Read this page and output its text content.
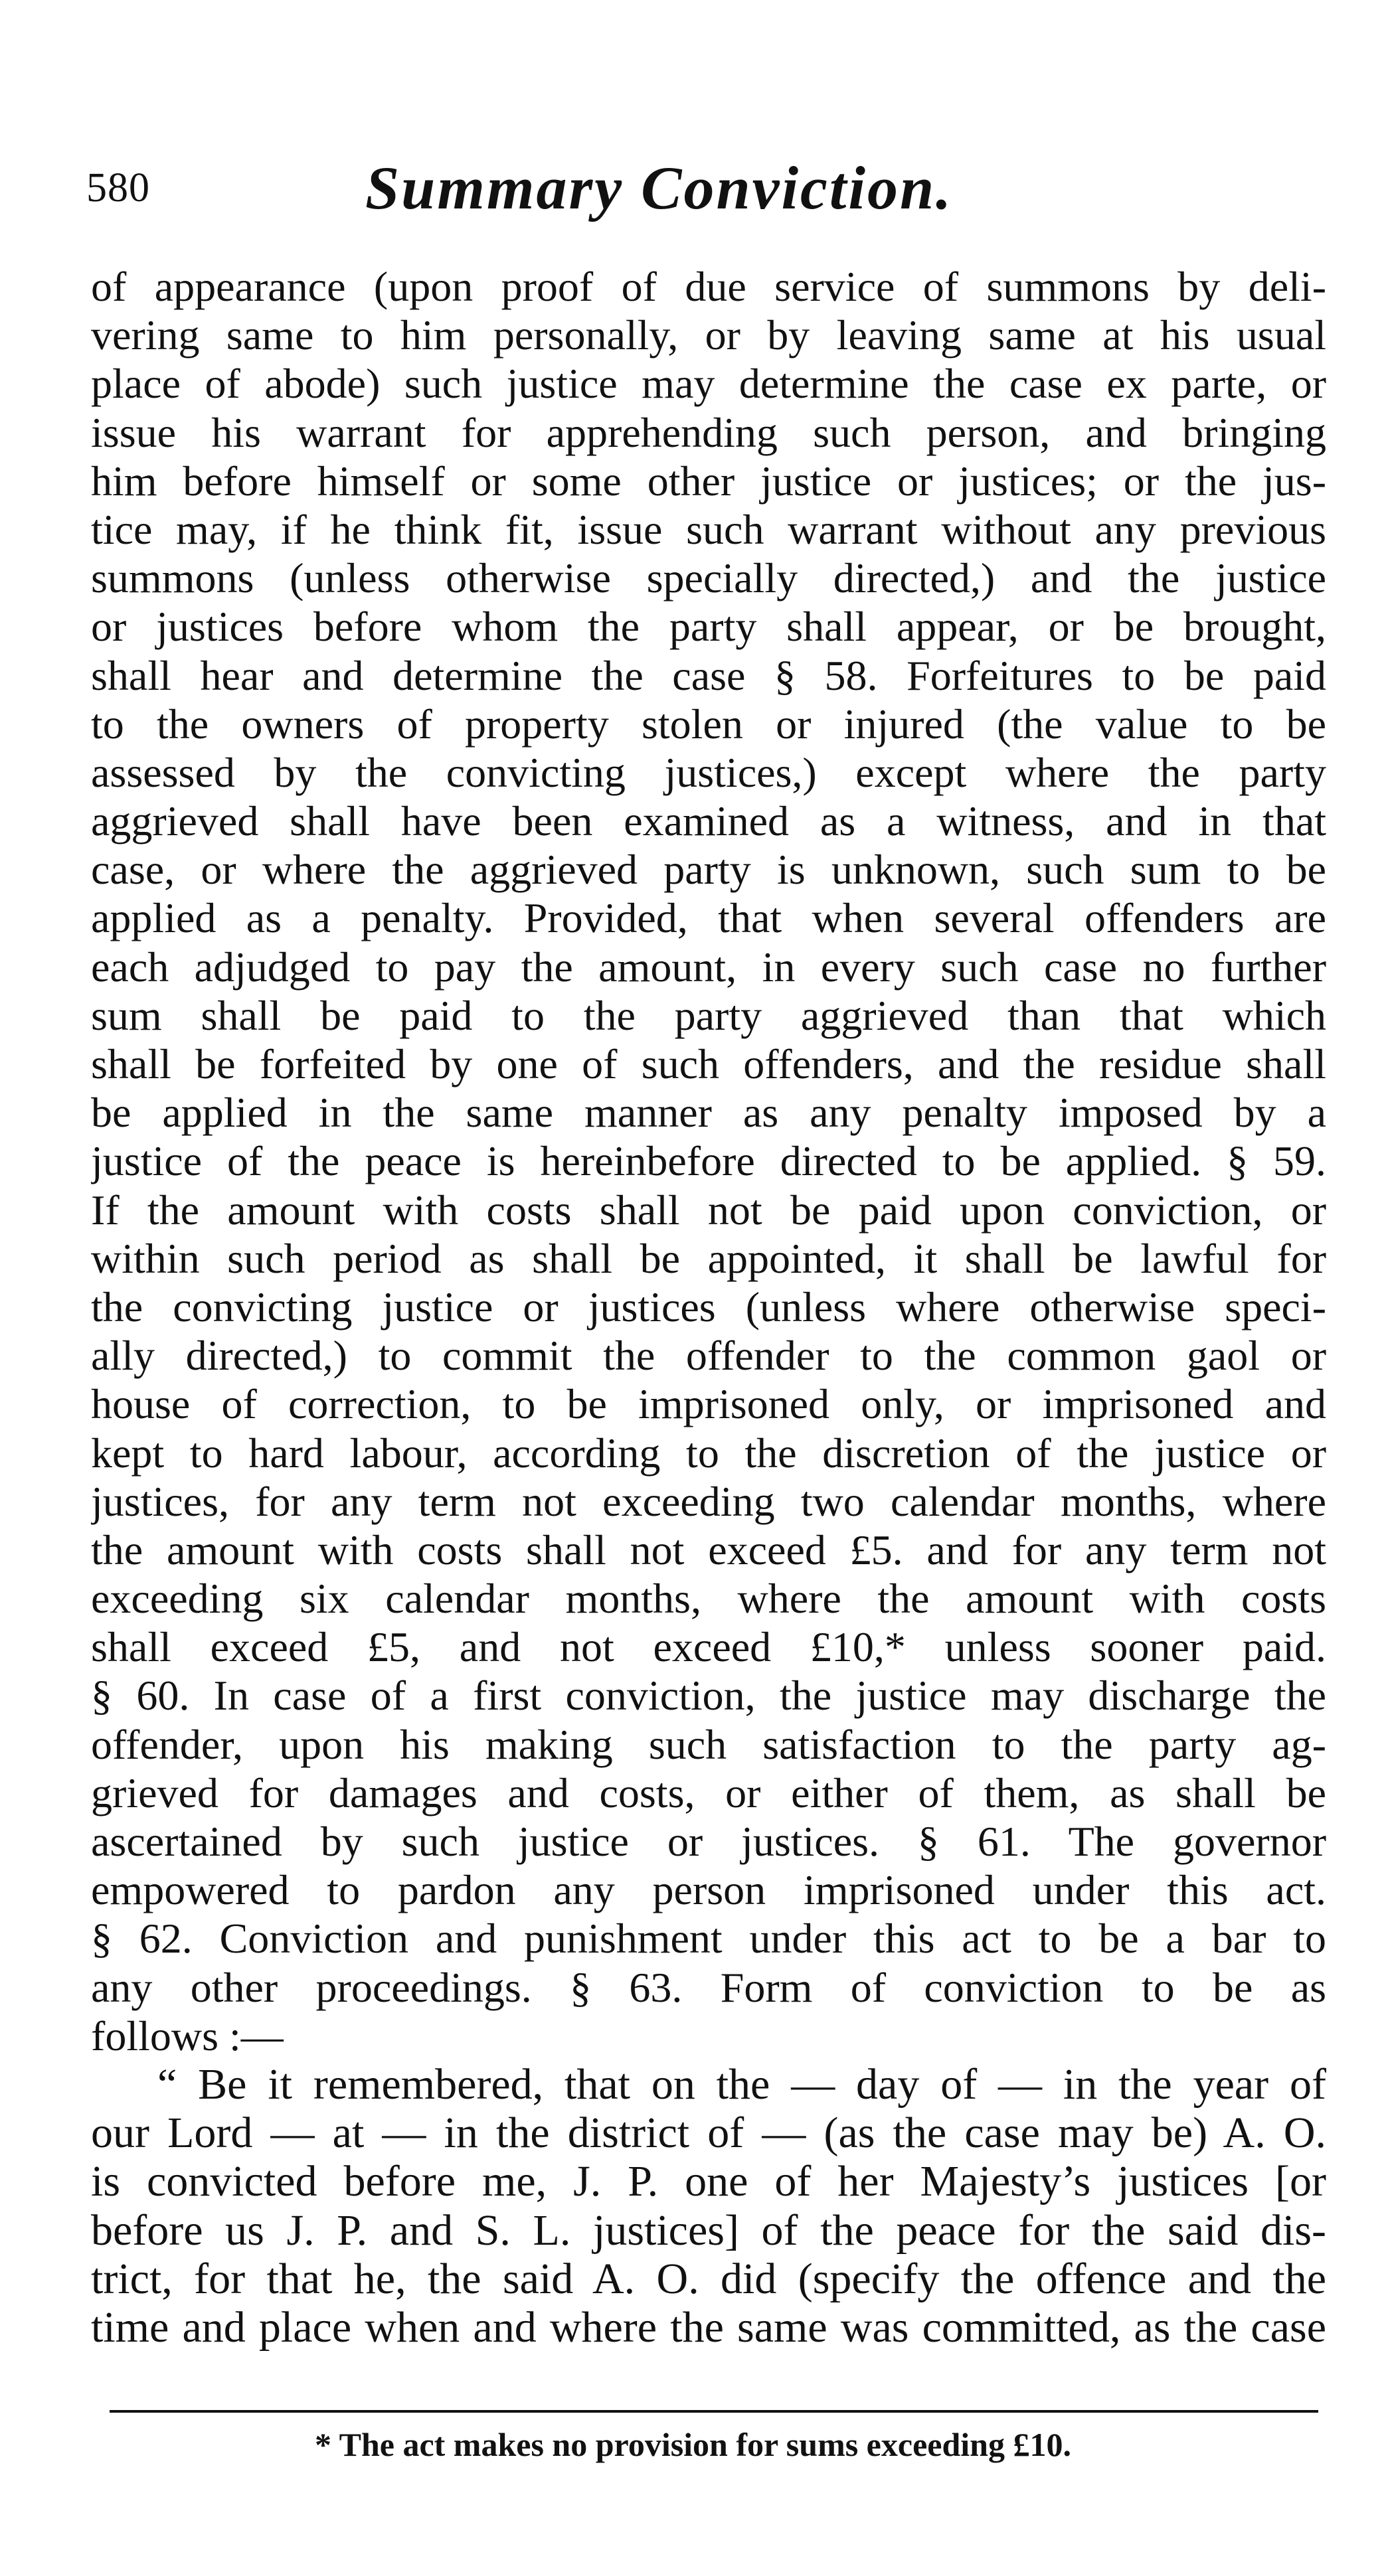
580	Summary Conviction.
of appearance (upon proof of due service of summons by deli-
vering same to him personally, or by leaving same at his usual
place of abode) such justice may determine the case ex parte, or
issue his warrant for apprehending such person, and bringing
him before himself or some other justice or justices; or the jus-
tice may, if he think fit, issue such warrant without any previous
summons (unless otherwise specially directed,) and the justice
or justices before whom the party shall appear, or be brought,
shall hear and determine the case § 58. Forfeitures to be paid
to the owners of property stolen or injured (the value to be
assessed by the convicting justices,) except where the party
aggrieved shall have been examined as a witness, and in that
case, or where the aggrieved party is unknown, such sum to be
applied as a penalty. Provided, that when several offenders are
each adjudged to pay the amount, in every such case no further
sum shall be paid to the party aggrieved than that which
shall be forfeited by one of such offenders, and the residue shall
be applied in the same manner as any penalty imposed by a
justice of the peace is hereinbefore directed to be applied. § 59.
If the amount with costs shall not be paid upon conviction, or
within such period as shall be appointed, it shall be lawful for
the convicting justice or justices (unless where otherwise speci-
ally directed,) to commit the offender to the common gaol or
house of correction, to be imprisoned only, or imprisoned and
kept to hard labour, according to the discretion of the justice or
justices, for any term not exceeding two calendar months, where
the amount with costs shall not exceed £5. and for any term not
exceeding six calendar months, where the amount with costs
shall exceed £5, and not exceed £10,* unless sooner paid.
§ 60. In case of a first conviction, the justice may discharge the
offender, upon his making such satisfaction to the party ag-
grieved for damages and costs, or either of them, as shall be
ascertained by such justice or justices. § 61. The governor
empowered to pardon any person imprisoned under this act.
§ 62. Conviction and punishment under this act to be a bar to
any other proceedings. § 63. Form of conviction to be as
follows :—
“ Be it remembered, that on the — day of — in the year of
our Lord — at — in the district of — (as the case may be) A. O.
is convicted before me, J. P. one of her Majesty’s justices [or
before us J. P. and S. L. justices] of the peace for the said dis-
trict, for that he, the said A. O. did (specify the offence and the
time and place when and where the same was committed, as the case
* The act makes no provision for sums exceeding £10.
